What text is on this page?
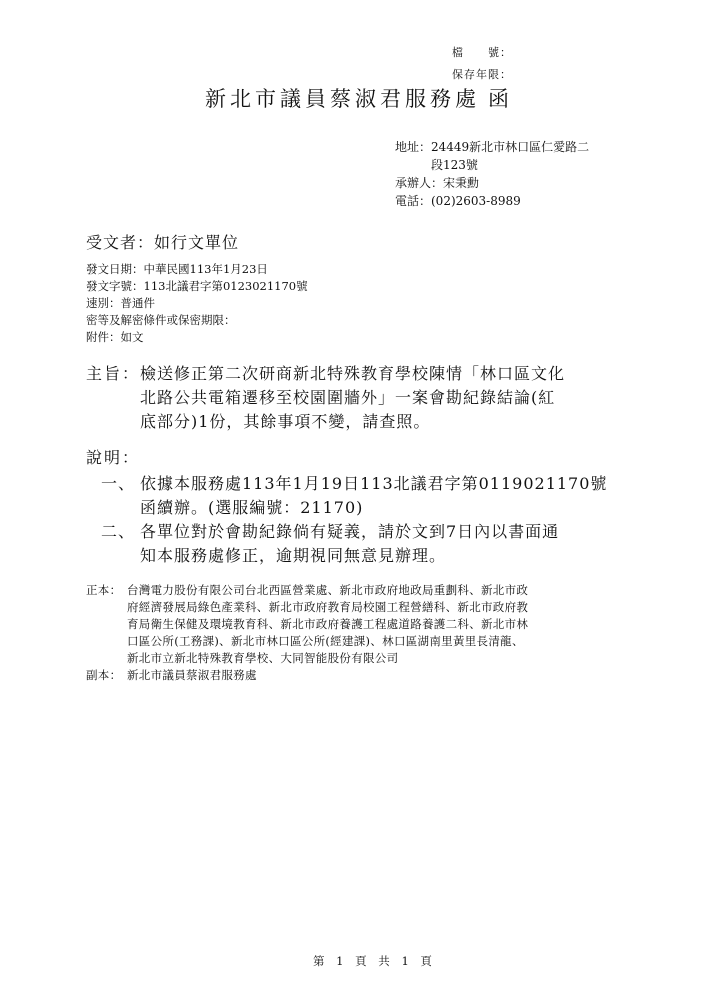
檔　　號：
保存年限：
新北市議員蔡淑君服務處 函
地址：24449新北市林口區仁愛路二
段123號
承辦人：宋秉勳
電話：(02)2603-8989
受文者：如行文單位
發文日期：中華民國113年1月23日
發文字號：113北議君字第0123021170號
速別：普通件
密等及解密條件或保密期限：
附件：如文
主旨： 檢送修正第二次研商新北特殊教育學校陳情「林口區文化
北路公共電箱遷移至校園圍牆外」一案會勘紀錄結論(紅
底部分)1份，其餘事項不變，請查照。
說明：
一、 依據本服務處113年1月19日113北議君字第0119021170號
函續辦。(選服編號：21170)
二、 各單位對於會勘紀錄倘有疑義，請於文到7日內以書面通
知本服務處修正，逾期視同無意見辦理。
正本： 台灣電力股份有限公司台北西區營業處、新北市政府地政局重劃科、新北市政
府經濟發展局綠色產業科、新北市政府教育局校園工程營繕科、新北市政府教
育局衛生保健及環境教育科、新北市政府養護工程處道路養護二科、新北市林
口區公所(工務課)、新北市林口區公所(經建課)、林口區湖南里黃里長清龍、
新北市立新北特殊教育學校、大同智能股份有限公司
副本： 新北市議員蔡淑君服務處
第 1 頁 共 1 頁
